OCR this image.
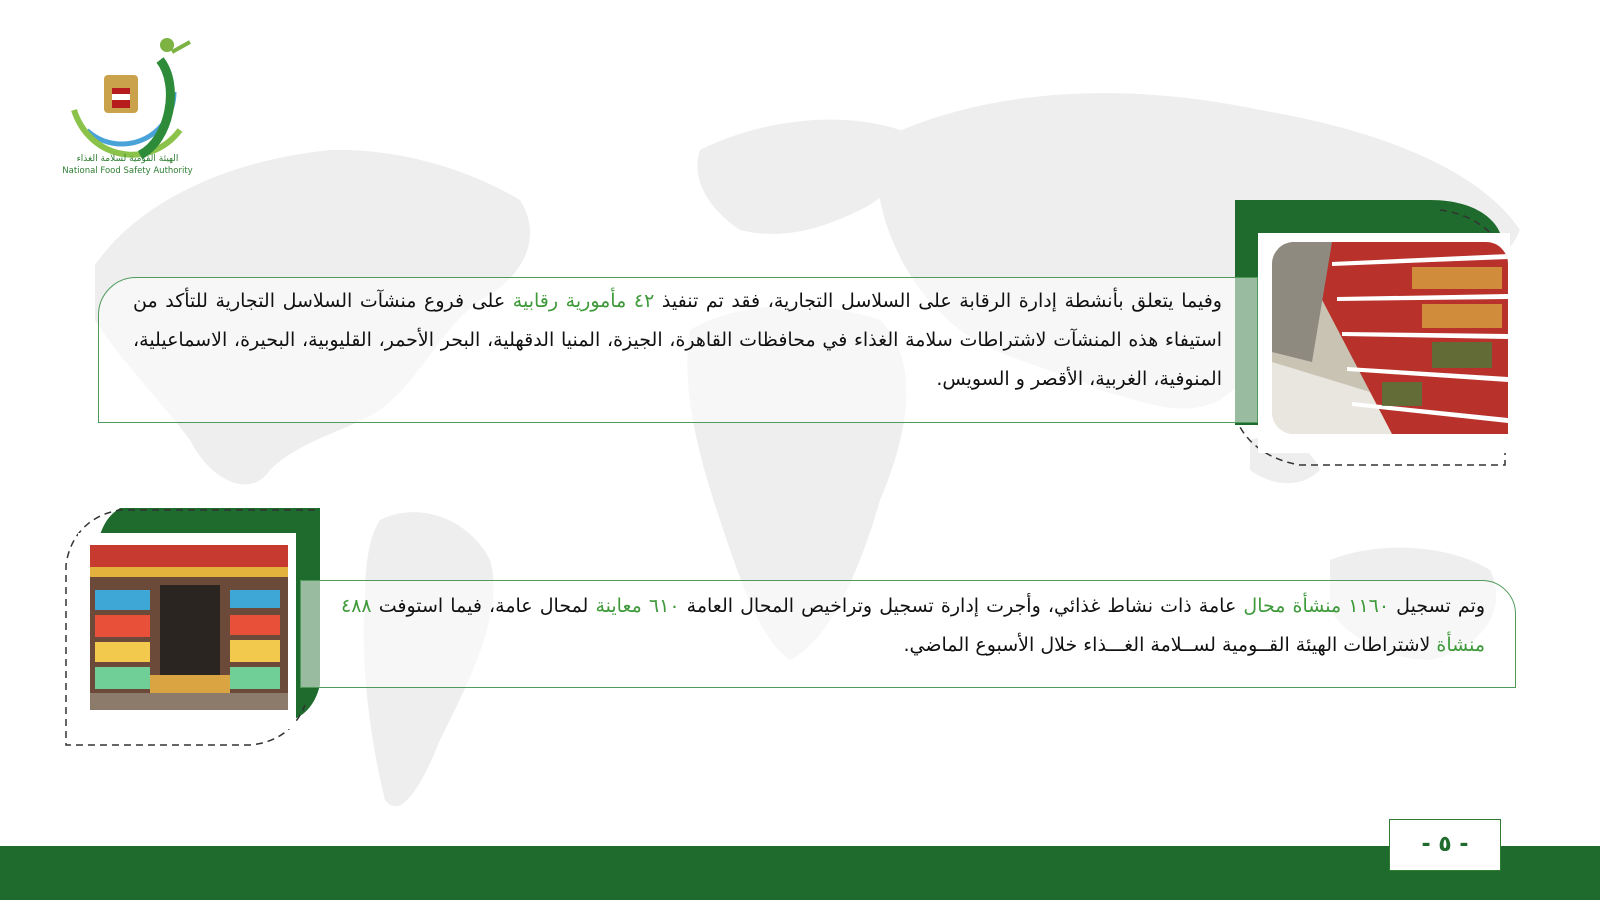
NFSA
الهيئة القومية لسلامة الغذاء
National Food Safety Authority
وفيما يتعلق بأنشطة إدارة الرقابة على السلاسل التجارية، فقد تم تنفيذ ٤٢ مأمورية رقابية على فروع منشآت السلاسل التجارية للتأكد من استيفاء هذه المنشآت لاشتراطات سلامة الغذاء في محافظات القاهرة، الجيزة، المنيا الدقهلية، البحر الأحمر، القليوبية، البحيرة، الاسماعيلية، المنوفية، الغربية، الأقصر و السويس.
وتم تسجيل ١١٦٠ منشأة محال عامة ذات نشاط غذائي، وأجرت إدارة تسجيل وتراخيص المحال العامة ٦١٠ معاينة لمحال عامة، فيما استوفت ٤٨٨ منشأة لاشتراطات الهيئة القــومية لســلامة الغـــذاء خلال الأسبوع الماضي.
- ٥ -
